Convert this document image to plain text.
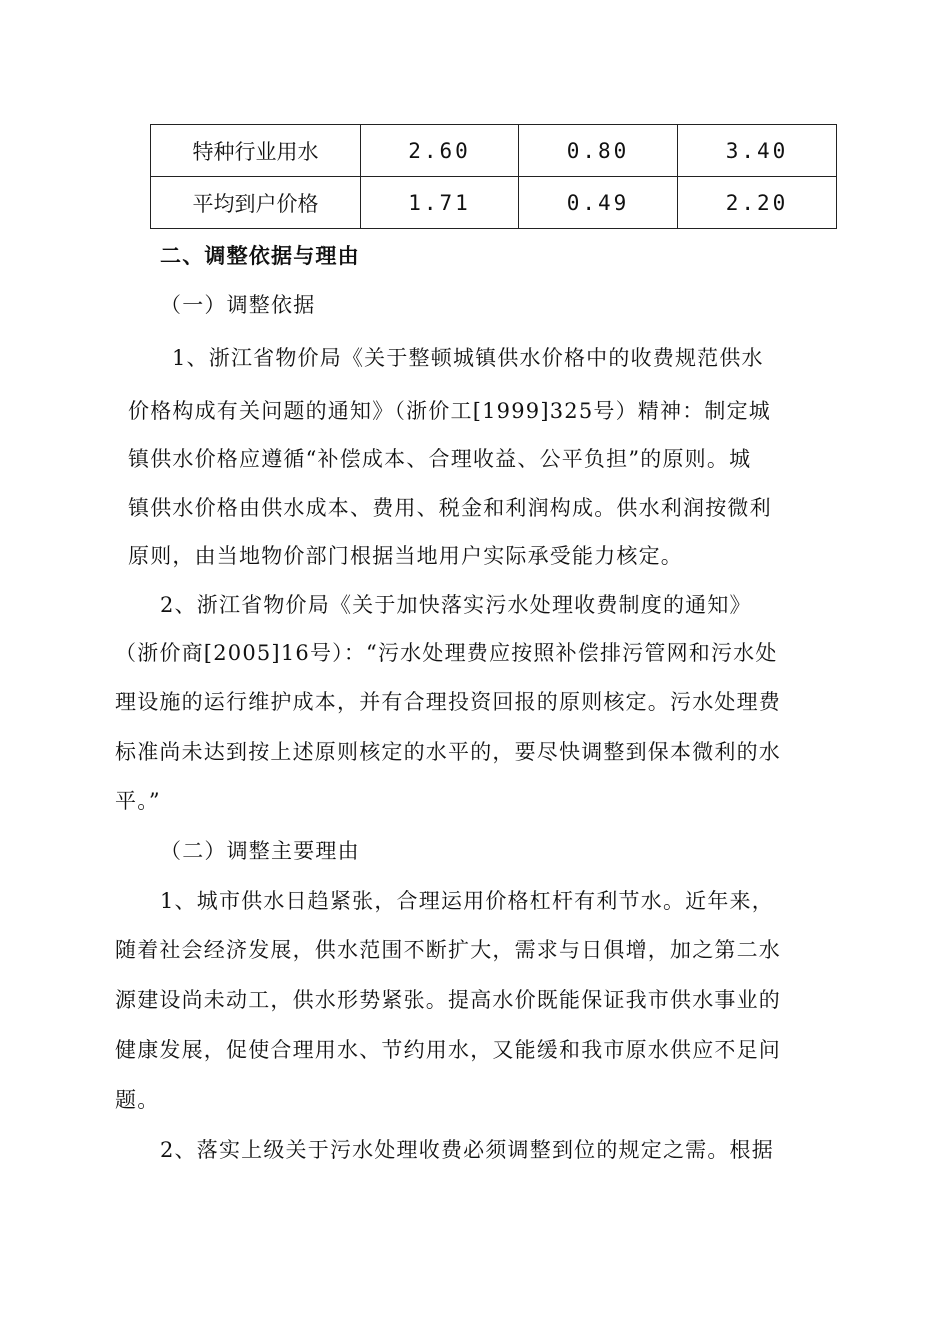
特种行业用水	2.60	0.80	3.40
平均到户价格	1.71	0.49	2.20
二、调整依据与理由
（一）调整依据
1、浙江省物价局《关于整顿城镇供水价格中的收费规范供水
价格构成有关问题的通知》（浙价工[1999]325号）精神：制定城
镇供水价格应遵循“补偿成本、合理收益、公平负担”的原则。城
镇供水价格由供水成本、费用、税金和利润构成。供水利润按微利
原则，由当地物价部门根据当地用户实际承受能力核定。
2、浙江省物价局《关于加快落实污水处理收费制度的通知》
（浙价商[2005]16号）：“污水处理费应按照补偿排污管网和污水处
理设施的运行维护成本，并有合理投资回报的原则核定。污水处理费
标准尚未达到按上述原则核定的水平的，要尽快调整到保本微利的水
平。”
（二）调整主要理由
1、城市供水日趋紧张，合理运用价格杠杆有利节水。近年来，
随着社会经济发展，供水范围不断扩大，需求与日俱增，加之第二水
源建设尚未动工，供水形势紧张。提高水价既能保证我市供水事业的
健康发展，促使合理用水、节约用水，又能缓和我市原水供应不足问
题。
2、落实上级关于污水处理收费必须调整到位的规定之需。根据
